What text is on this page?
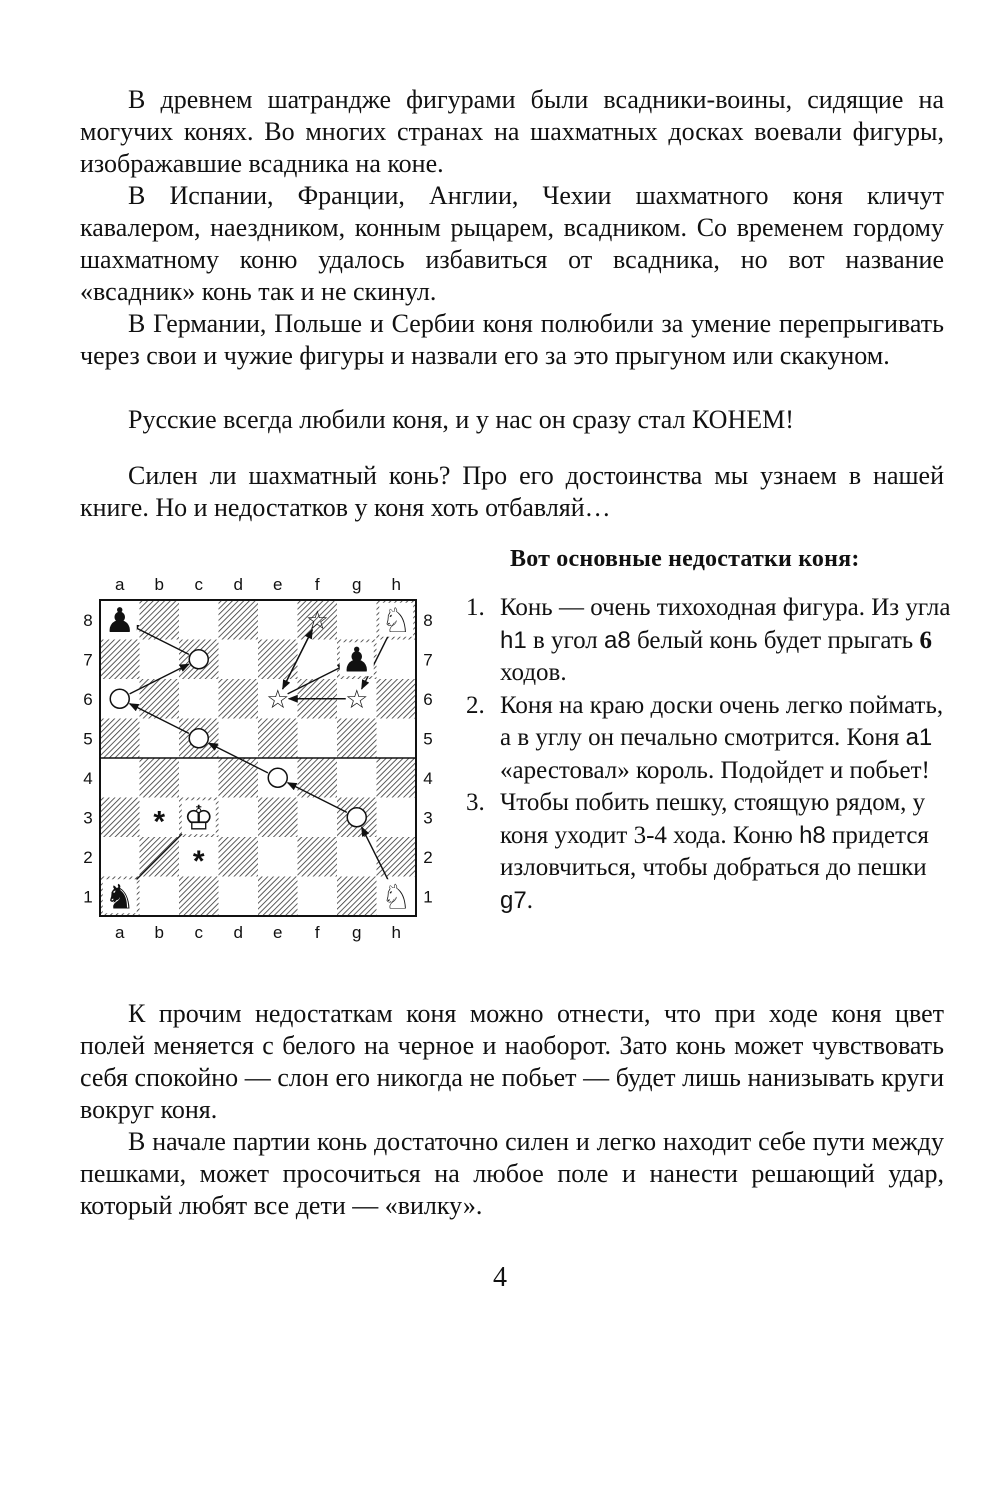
В древнем шатрандже фигурами были всадники-воины, сидящие на могучих конях. Во многих странах на шахматных досках воевали фигуры, изображавшие всадника на коне.

В Испании, Франции, Англии, Чехии шахматного коня кличут кавалером, наездником, конным рыцарем, всадником. Со временем гордому шахматному коню удалось избавиться от всадника, но вот название «всадник» конь так и не скинул.

В Германии, Польше и Сербии коня полюбили за умение перепрыгивать через свои и чужие фигуры и назвали его за это прыгуном или скакуном.

Русские всегда любили коня, и у нас он сразу стал КОНЕМ!

Силен ли шахматный конь? Про его достоинства мы узнаем в нашей книге. Но и недостатков у коня хоть отбавляй…

a
a
b
b
c
c
d
d
e
e
f
f
g
g
h
h
8	8
7	7
6	6
5	5
4	4
3	3
2	2
1	1
☆
☆ ☆
*
*
♟
♟
♘
♘
♞
♔

Вот основные недостатки коня:

1. Конь — очень тихоходная фигура. Из угла h1 в угол a8 белый конь будет прыгать 6 ходов.
2. Коня на краю доски очень легко поймать, а в углу он печально смотрится. Коня a1 «арестовал» король. Подойдет и побьет!
3. Чтобы побить пешку, стоящую рядом, у коня уходит 3-4 хода. Коню h8 придется изловчиться, чтобы добраться до пешки g7.

К прочим недостаткам коня можно отнести, что при ходе коня цвет полей меняется с белого на черное и наоборот. Зато конь может чувствовать себя спокойно — слон его никогда не побьет — будет лишь нанизывать круги вокруг коня.

В начале партии конь достаточно силен и легко находит себе пути между пешками, может просочиться на любое поле и нанести решающий удар, который любят все дети — «вилку».

4
